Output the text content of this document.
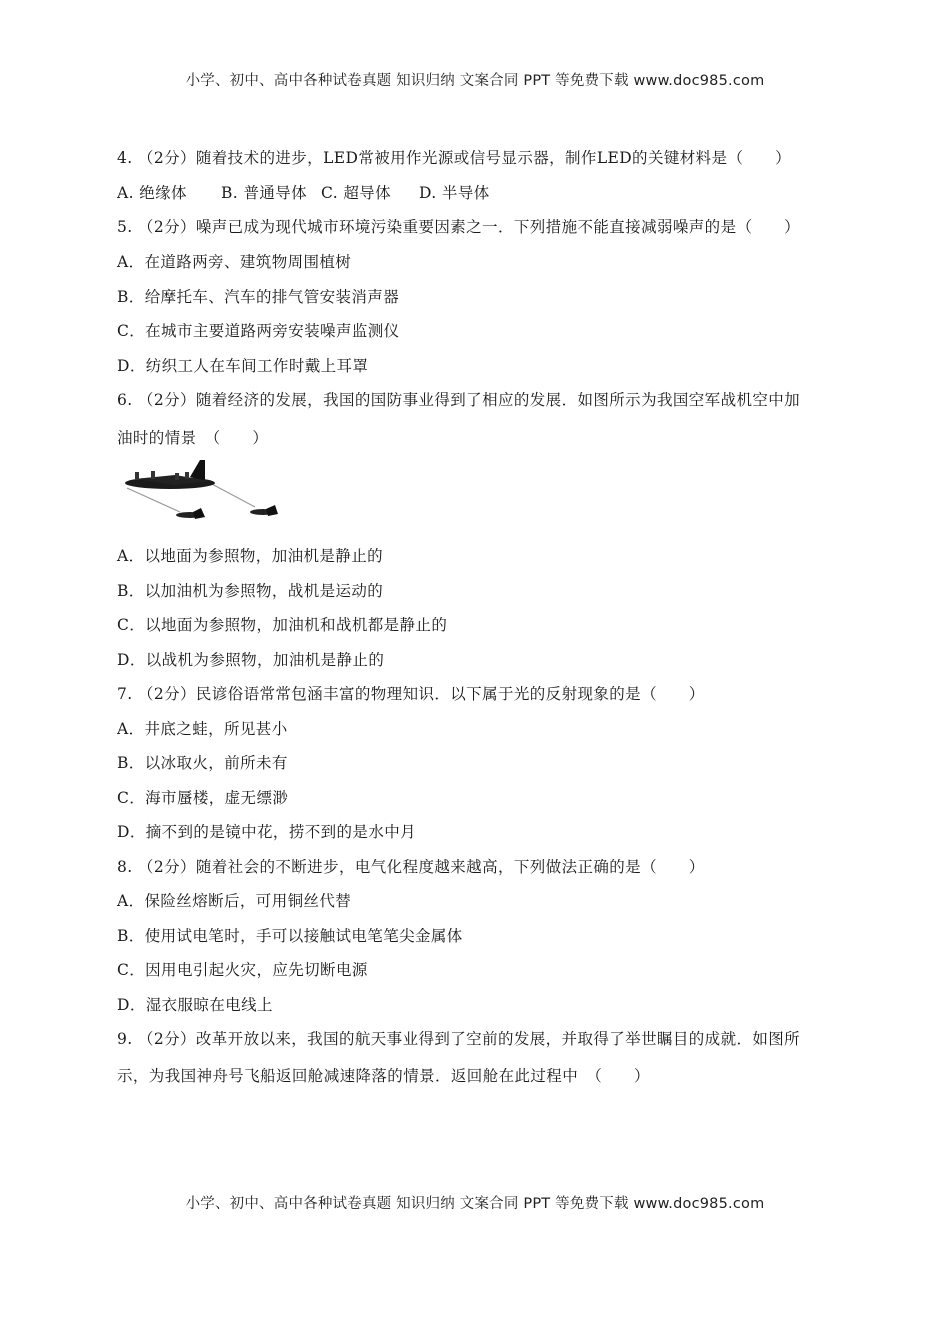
小学、初中、高中各种试卷真题 知识归纳 文案合同 PPT 等免费下载 www.doc985.com
4. （2分）随着技术的进步，LED常被用作光源或信号显示器，制作LED的关键材料是（　　）
A. 绝缘体 B. 普通导体 C. 超导体 D. 半导体
5. （2分）噪声已成为现代城市环境污染重要因素之一．下列措施不能直接减弱噪声的是（　　）
A．在道路两旁、建筑物周围植树
B．给摩托车、汽车的排气管安装消声器
C．在城市主要道路两旁安装噪声监测仪
D．纺织工人在车间工作时戴上耳罩
6. （2分）随着经济的发展，我国的国防事业得到了相应的发展．如图所示为我国空军战机空中加
油时的情景　（　　）
A．以地面为参照物，加油机是静止的
B．以加油机为参照物，战机是运动的
C．以地面为参照物，加油机和战机都是静止的
D．以战机为参照物，加油机是静止的
7. （2分）民谚俗语常常包涵丰富的物理知识．以下属于光的反射现象的是（　　）
A．井底之蛙，所见甚小
B．以冰取火，前所未有
C．海市蜃楼，虚无缥渺
D．摘不到的是镜中花，捞不到的是水中月
8. （2分）随着社会的不断进步，电气化程度越来越高，下列做法正确的是（　　）
A．保险丝熔断后，可用铜丝代替
B．使用试电笔时，手可以接触试电笔笔尖金属体
C．因用电引起火灾，应先切断电源
D．湿衣服晾在电线上
9. （2分）改革开放以来，我国的航天事业得到了空前的发展，并取得了举世瞩目的成就．如图所
示，为我国神舟号飞船返回舱减速降落的情景．返回舱在此过程中　（　　）
小学、初中、高中各种试卷真题 知识归纳 文案合同 PPT 等免费下载 www.doc985.com
